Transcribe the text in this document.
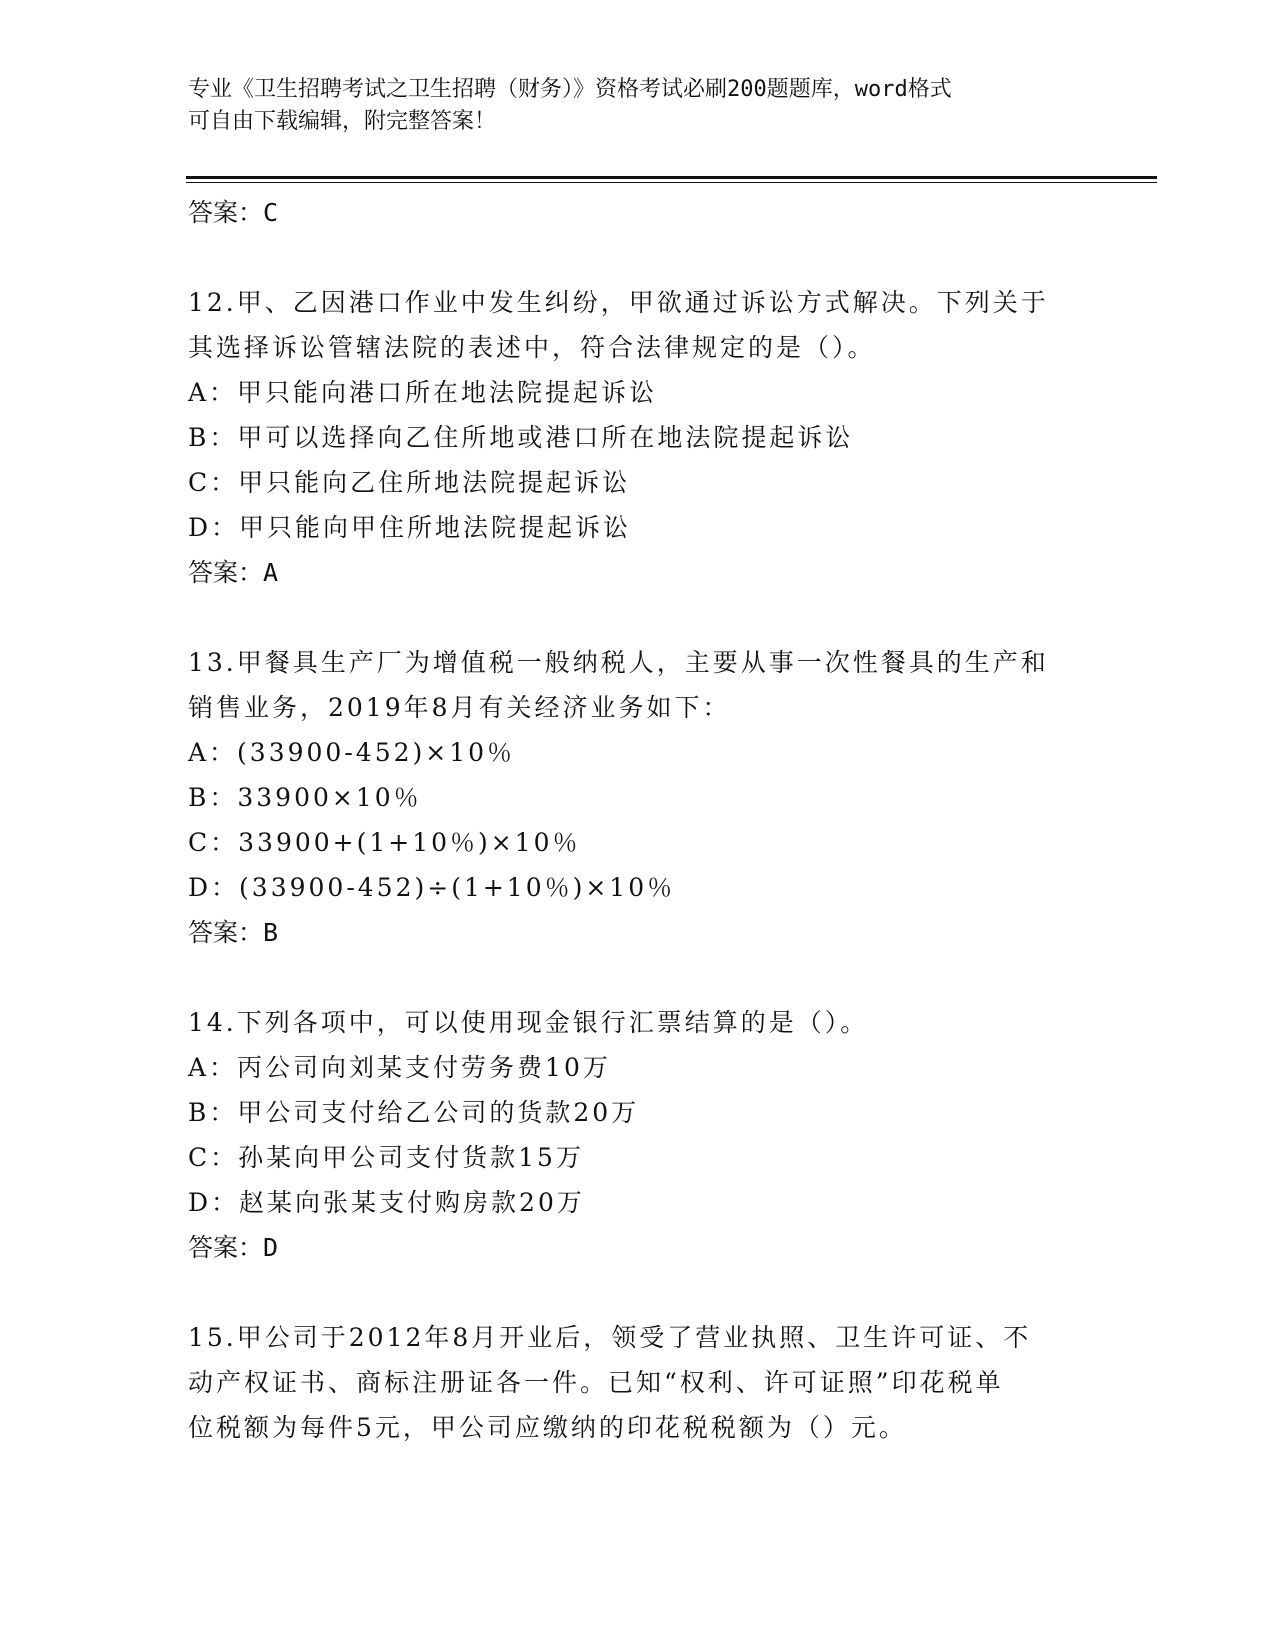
专业《卫生招聘考试之卫生招聘（财务）》资格考试必刷200题题库，word格式
可自由下载编辑，附完整答案！
答案：C
12.甲、乙因港口作业中发生纠纷，甲欲通过诉讼方式解决。下列关于
其选择诉讼管辖法院的表述中，符合法律规定的是（）。
A：甲只能向港口所在地法院提起诉讼
B：甲可以选择向乙住所地或港口所在地法院提起诉讼
C：甲只能向乙住所地法院提起诉讼
D：甲只能向甲住所地法院提起诉讼
答案：A
13.甲餐具生产厂为增值税一般纳税人，主要从事一次性餐具的生产和
销售业务，2019年8月有关经济业务如下：
A：(33900-452)×10％
B：33900×10％
C：33900+(1+10％)×10％
D：(33900-452)÷(1+10％)×10％
答案：B
14.下列各项中，可以使用现金银行汇票结算的是（）。
A：丙公司向刘某支付劳务费10万
B：甲公司支付给乙公司的货款20万
C：孙某向甲公司支付货款15万
D：赵某向张某支付购房款20万
答案：D
15.甲公司于2012年8月开业后，领受了营业执照、卫生许可证、不
动产权证书、商标注册证各一件。已知“权利、许可证照”印花税单
位税额为每件5元，甲公司应缴纳的印花税税额为（）元。
